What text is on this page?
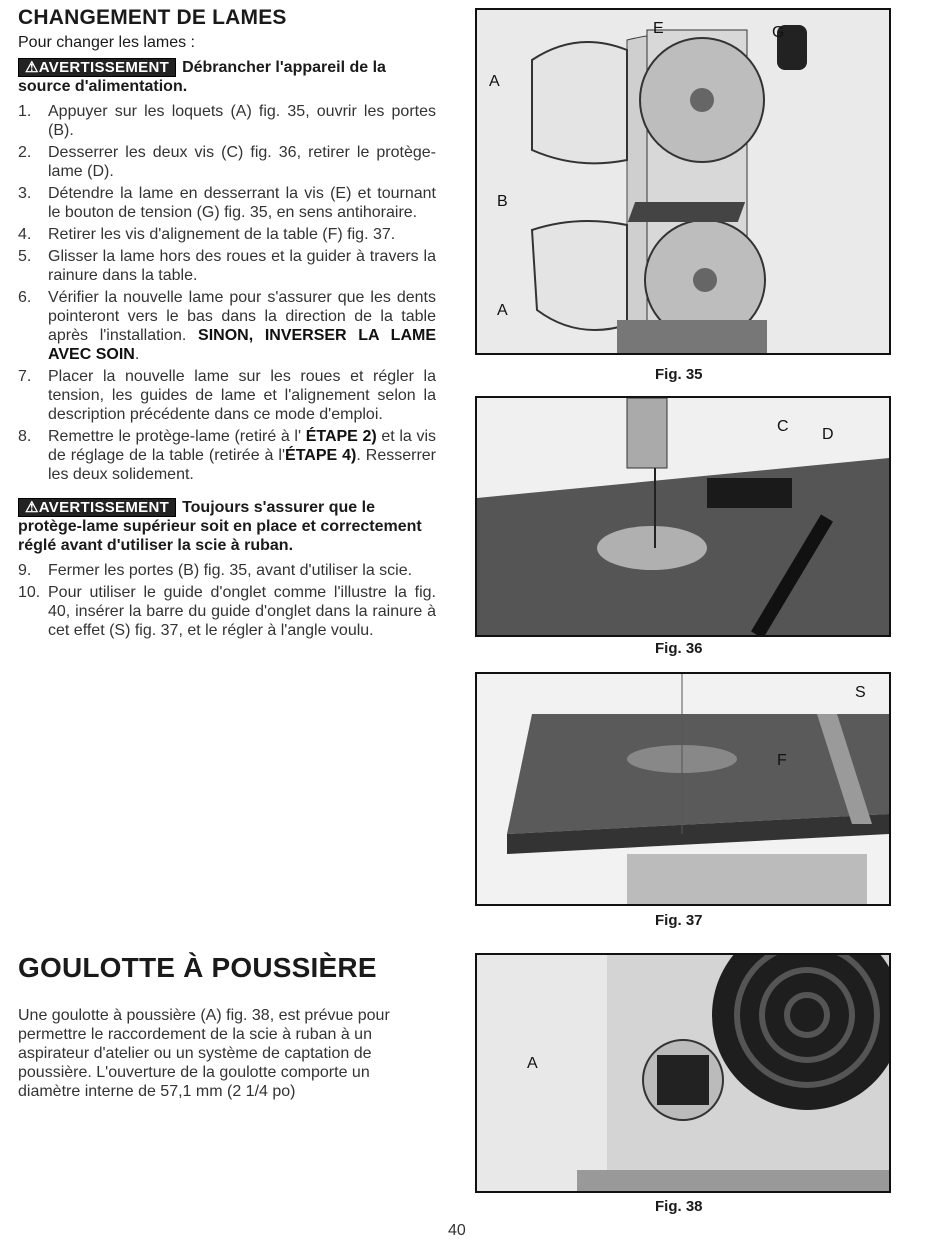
CHANGEMENT DE LAMES

Pour changer les lames :

⚠AVERTISSEMENT Débrancher l'appareil de la source d'alimentation.
1.	Appuyer sur les loquets (A) fig. 35, ouvrir les portes (B).
2.	Desserrer les deux vis (C) fig. 36, retirer le protège-lame (D).
3.	Détendre la lame en desserrant la vis (E) et tournant le bouton de tension (G) fig. 35, en sens antihoraire.
4.	Retirer les vis d'alignement de la table (F) fig. 37.
5.	Glisser la lame hors des roues et la guider à travers la rainure dans la table.
6.	Vérifier la nouvelle lame pour s'assurer que les dents pointeront vers le bas dans la direction de la table après l'installation. SINON, INVERSER LA LAME AVEC SOIN.
7.	Placer la nouvelle lame sur les roues et régler la tension, les guides de lame et l'alignement selon la description précédente dans ce mode d'emploi.
8.	Remettre le protège-lame (retiré à l' ÉTAPE 2) et la vis de réglage de la table (retirée à l'ÉTAPE 4). Resserrer les deux solidement.
⚠AVERTISSEMENT Toujours s'assurer que le protège-lame supérieur soit en place et correctement réglé avant d'utiliser la scie à ruban.
9.	Fermer les portes (B) fig. 35, avant d'utiliser la scie.
10. Pour utiliser le guide d'onglet comme l'illustre la fig. 40, insérer la barre du guide d'onglet dans la rainure à cet effet (S) fig. 37, et le régler à l'angle voulu.
GOULOTTE À POUSSIÈRE

Une goulotte à poussière (A) fig. 38, est prévue pour permettre le raccordement de la scie à ruban à un aspirateur d'atelier ou un système de captation de poussière. L'ouverture de la goulotte comporte un diamètre interne de 57,1 mm (2 1/4 po)

E	G
A
B
A
Fig. 35
C D
Fig. 36
S
F
Fig. 37
A
Fig. 38
40
